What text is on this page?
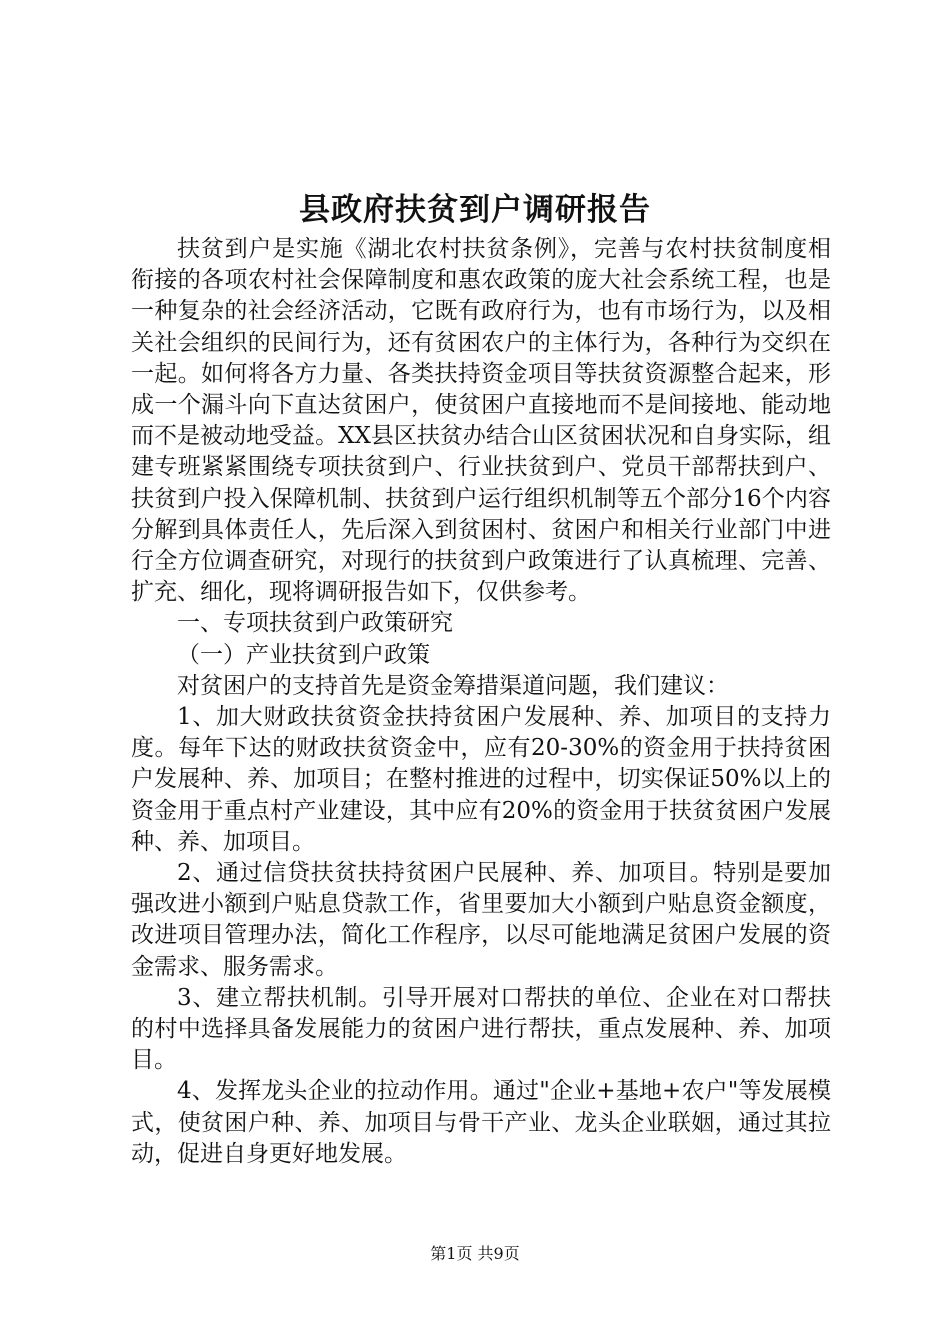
县政府扶贫到户调研报告

扶贫到户是实施《湖北农村扶贫条例》，完善与农村扶贫制度相衔接的各项农村社会保障制度和惠农政策的庞大社会系统工程，也是一种复杂的社会经济活动，它既有政府行为，也有市场行为，以及相关社会组织的民间行为，还有贫困农户的主体行为，各种行为交织在一起。如何将各方力量、各类扶持资金项目等扶贫资源整合起来，形成一个漏斗向下直达贫困户，使贫困户直接地而不是间接地、能动地而不是被动地受益。XX县区扶贫办结合山区贫困状况和自身实际，组建专班紧紧围绕专项扶贫到户、行业扶贫到户、党员干部帮扶到户、扶贫到户投入保障机制、扶贫到户运行组织机制等五个部分16个内容分解到具体责任人，先后深入到贫困村、贫困户和相关行业部门中进行全方位调查研究，对现行的扶贫到户政策进行了认真梳理、完善、扩充、细化，现将调研报告如下，仅供参考。

一、专项扶贫到户政策研究

（一）产业扶贫到户政策

对贫困户的支持首先是资金筹措渠道问题，我们建议：

1、加大财政扶贫资金扶持贫困户发展种、养、加项目的支持力度。每年下达的财政扶贫资金中，应有20-30%的资金用于扶持贫困户发展种、养、加项目；在整村推进的过程中，切实保证50%以上的资金用于重点村产业建设，其中应有20%的资金用于扶贫贫困户发展种、养、加项目。

2、通过信贷扶贫扶持贫困户民展种、养、加项目。特别是要加强改进小额到户贴息贷款工作，省里要加大小额到户贴息资金额度，改进项目管理办法，简化工作程序，以尽可能地满足贫困户发展的资金需求、服务需求。

3、建立帮扶机制。引导开展对口帮扶的单位、企业在对口帮扶的村中选择具备发展能力的贫困户进行帮扶，重点发展种、养、加项目。

4、发挥龙头企业的拉动作用。通过"企业+基地+农户"等发展模式，使贫困户种、养、加项目与骨干产业、龙头企业联姻，通过其拉动，促进自身更好地发展。

第1页 共9页
